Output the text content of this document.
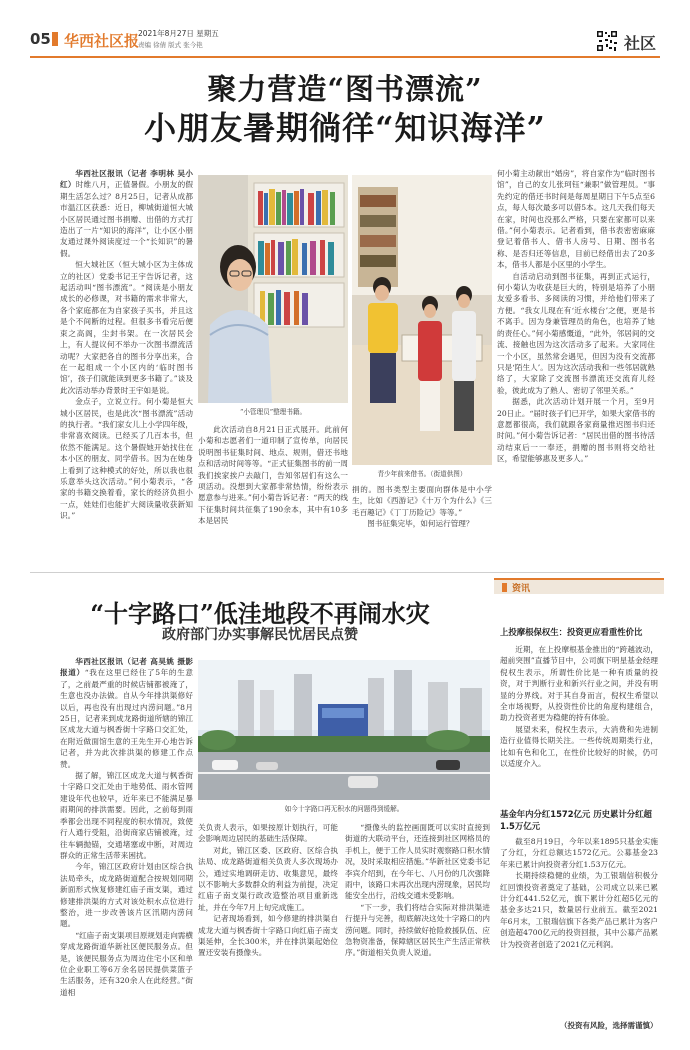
05 华西社区报
2021年8月27日 星期五
责编 徐倩 版式 张今艳	社区
聚力营造“图书漂流”
小朋友暑期徜徉“知识海洋”

华西社区报讯（记者 李明林 吴小红）时维八月，正值暑假。小朋友的假期生活怎么过？8月25日，记者从成都市温江区获悉：近日，柳城街道恒大城小区居民通过图书捐赠、出借的方式打造出了一片“知识的海洋”，让小区小朋友通过课外阅读度过一个“长知识”的暑假。

恒大城社区（恒大城小区为主体成立的社区）党委书记王宇告诉记者，这起活动叫“图书漂流”。“阅读是小朋友成长的必修课，对书籍的需求非常大，各个家庭都在为自家孩子买书，并且这是个不间断的过程。但很多书看完后便束之高阁，尘封书架。在一次居民会上，有人提议何不举办一次图书漂流活动呢？大家把各自的图书分享出来，合在一起组成一个小区内的‘临时图书馆’，孩子们就能读到更多书籍了。”谈及此次活动举办背景时王宇如是说。

金点子，立说立行。何小菊是恒大城小区居民，也是此次“图书漂流”活动的执行者。“我们家女儿上小学四年级，非常喜欢阅读。已经买了几百本书，但依然不能满足。这个暑假她开始找住在本小区的朋友、同学借书。因为在她身上看到了这种模式的好处，所以我也很乐意举头这次活动。”何小菊表示，“各家的书籍交换着看，家长的经济负担小一点，娃娃们也能扩大阅读量收获新知识。”

“小管理员”整理书籍。
青少年前来借书。（街道供图）

此次活动自8月21日正式展开。此前何小菊和志愿者们一道印制了宣传单，向居民说明图书征集时间、地点、规则，借还书地点和活动时间等等。“正式征集图书的前一周我们挨家挨户去敲门，告知邻居们有这么一项活动。没想到大家都非常热情，纷纷表示愿意参与进来。”何小菊告诉记者：“两天的线下征集时间共征集了190余本，其中有10多本是居民

捐的。图书类型主要面向群体是中小学生，比如《西游记》《十万个为什么》《三毛百趣记》《丁丁历险记》等等。”

图书征集完毕，如何运行管理？

何小菊主动献出“婚房”，将自家作为“临时图书馆”，自己的女儿张珂钰“兼职”做管理员。“事先约定的借还书时间是每周星期日下午5点至6点，每人每次最多可以借5本。这几天我们每天在家，时间也没那么严格，只要在家都可以来借。”何小菊表示。记者看到，借书表密密麻麻登记着借书人、借书人房号、日期、图书名称、是否归还等信息，目前已经借出去了20多本，借书人都是小区里的小学生。

自活动启动到图书征集，再到正式运行，何小菊认为收获是巨大的，特别是培养了小朋友爱多看书、多阅读的习惯，并给他们带来了方便。“我女儿现在有‘近水楼台’之便，更是书不离手。因为身兼管理员的角色，也培养了她的责任心。”何小菊感慨道，“此外，邻居间的交流、接触也因为这次活动多了起来。大家同住一个小区，虽然常会遇见，但因为没有交流都只是‘陌生人’。因为这次活动我和一些邻居就熟络了，大家除了交流图书漂流还交流育儿经验，彼此成为了熟人、密切了邻里关系。”

据悉，此次活动计划开展一个月，至9月20日止。“届时孩子们已开学，如果大家借书的意愿都很高，我们就跟各家商量推迟图书归还时间。”何小菊告诉记者：“居民出借的图书待活动结束后一一奉还，捐赠的图书则将交给社区，希望能够惠及更多人。”

“十字路口”低洼地段不再闹水灾
政府部门办实事解民忧居民点赞

华西社区报讯（记者 高昊姚 摄影报道）“我在这里已经住了5年的生意了，之前最严重的时候店铺都被淹了，生意也没办法做。自从今年排洪渠修好以后，再也没有出现过内涝问题。”8月25日，记者来到成龙路街道所辖的锦江区成龙大道与枫香街十字路口交汇处，在附近做面馆生意的王先生开心地告诉记者，并为此次排洪渠的修建工作点赞。

据了解，锦江区成龙大道与枫香街十字路口交汇处由于地势低、雨水管网建设年代也较早，近年来已不能满足暴雨期间的排洪需要。因此，之前每到雨季都会出现不同程度的积水情况，致使行人通行受阻，沿街商家店铺被淹，过往车辆抛锚，交通堵塞或中断，对周边群众的正常生活带来困扰。

今年，锦江区政府计划由区综合执法局牵头，成龙路街道配合按规划同期新面形式恢复修建红庙子南支渠，通过修建排洪渠的方式对该处积水点位进行整治，进一步改善该片区汛期内涝问题。

“红庙子南支渠项目原规划走向需横穿成龙路街道华新社区便民服务点。但是，该便民服务点为周边住宅小区和单位企业职工等6万余名居民提供菜篮子生活服务，还有320余人在此经营。”街道相

如今十字路口再无积水的问题得到缓解。

关负责人表示，如果按原计划执行，可能会影响周边居民的基础生活保障。

对此，锦江区委、区政府、区综合执法局、成龙路街道相关负责人多次现场办公，通过实地调研走访、收集意见，最终以不影响大多数群众的利益为前提，决定红庙子南支渠行政改造整治项目重新选址，并在今年7月上旬完成施工。

记者现场看到，如今修建的排洪渠自成龙大道与枫香街十字路口向红庙子南支渠延伸，全长300米，并在排洪渠起始位置还安装有摄像头。

“摄像头的监控画面既可以实时直接到街道的大联动平台，还连接到社区网格员的手机上，便于工作人员实时观察路口积水情况，及时采取相应措施。”华新社区党委书记李宾介绍到，在今年七、八月份的几次强降雨中，该路口未再次出现内涝现象，居民均能安全出行，沿线交通未受影响。

“下一步，我们将结合实际对排洪渠进行提升与完善，彻底解决这处十字路口的内涝问题。同时，持续做好抢险救援队伍、应急物资准备，保障辖区居民生产生活正常秩序。”街道相关负责人说道。

资讯
上投摩根保权生：投资更应看重性价比

近期，在上投摩根基金推出的“跨越波动，超前突围”直播节目中，公司旗下明星基金经理倪权生表示，所谓性价比是一种有质量的投资，对于判断行业和新兴行业之间，并没有明显的分界线。对于其自身而言，倪权生希望以全市场视野，从投资性价比的角度构建组合，助力投资者更为稳健的持有体验。

展望未来，倪权生表示，大消费和先进制造行业值得长期关注。一些传统周期类行业，比如有色和化工，在性价比较好的时候，仍可以适度介入。

基金年内分红1572亿元 历史累计分红超1.5万亿元

截至8月19日，今年以来1895只基金实施了分红，分红总额达1572亿元。公募基金23年来已累计向投资者分红1.53万亿元。

长期持续稳健的业绩，为工银瑞信积极分红回馈投资者奠定了基础，公司成立以来已累计分红441.52亿元，旗下累计分红超5亿元的基金多达21只，数量居行业前五。截至2021年6月末，工银瑞信旗下各类产品已累计为客户创造超4700亿元的投资回报，其中公募产品累计为投资者创造了2021亿元利润。

（投资有风险，选择需谨慎）
